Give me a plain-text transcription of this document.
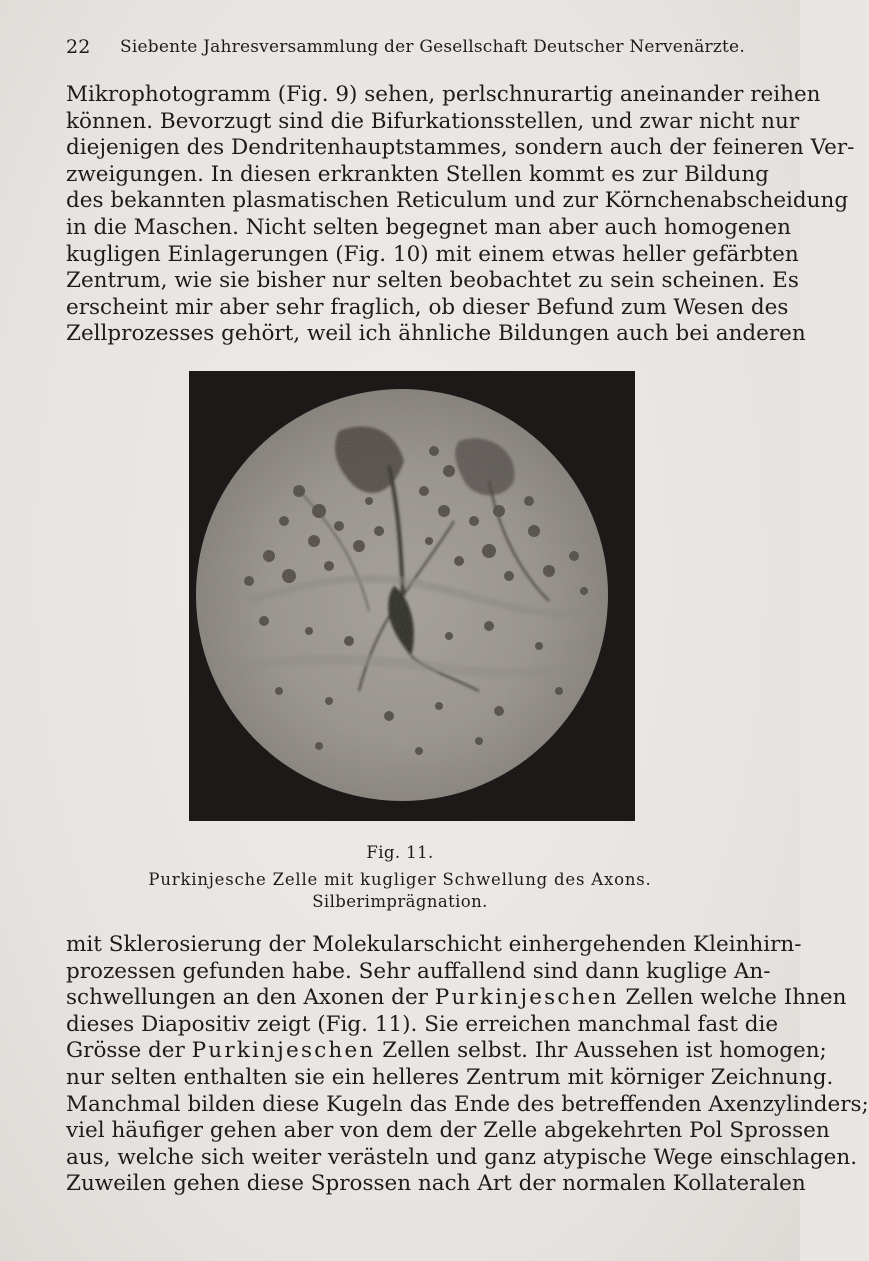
22 Siebente Jahresversammlung der Gesellschaft Deutscher Nervenärzte.
Mikrophotogramm (Fig. 9) sehen, perlschnurartig aneinander reihen
können. Bevorzugt sind die Bifurkationsstellen, und zwar nicht nur
diejenigen des Dendritenhauptstammes, sondern auch der feineren Ver-
zweigungen. In diesen erkrankten Stellen kommt es zur Bildung
des bekannten plasmatischen Reticulum und zur Körnchenabscheidung
in die Maschen. Nicht selten begegnet man aber auch homogenen
kugligen Einlagerungen (Fig. 10) mit einem etwas heller gefärbten
Zentrum, wie sie bisher nur selten beobachtet zu sein scheinen. Es
erscheint mir aber sehr fraglich, ob dieser Befund zum Wesen des
Zellprozesses gehört, weil ich ähnliche Bildungen auch bei anderen
Fig. 11.
Purkinjesche Zelle mit kugliger Schwellung des Axons.
Silberimprägnation.
mit Sklerosierung der Molekularschicht einhergehenden Kleinhirn-
prozessen gefunden habe. Sehr auffallend sind dann kuglige An-
schwellungen an den Axonen der Purkinjeschen Zellen welche Ihnen
dieses Diapositiv zeigt (Fig. 11). Sie erreichen manchmal fast die
Grösse der Purkinjeschen Zellen selbst. Ihr Aussehen ist homogen;
nur selten enthalten sie ein helleres Zentrum mit körniger Zeichnung.
Manchmal bilden diese Kugeln das Ende des betreffenden Axenzylinders;
viel häufiger gehen aber von dem der Zelle abgekehrten Pol Sprossen
aus, welche sich weiter verästeln und ganz atypische Wege einschlagen.
Zuweilen gehen diese Sprossen nach Art der normalen Kollateralen
